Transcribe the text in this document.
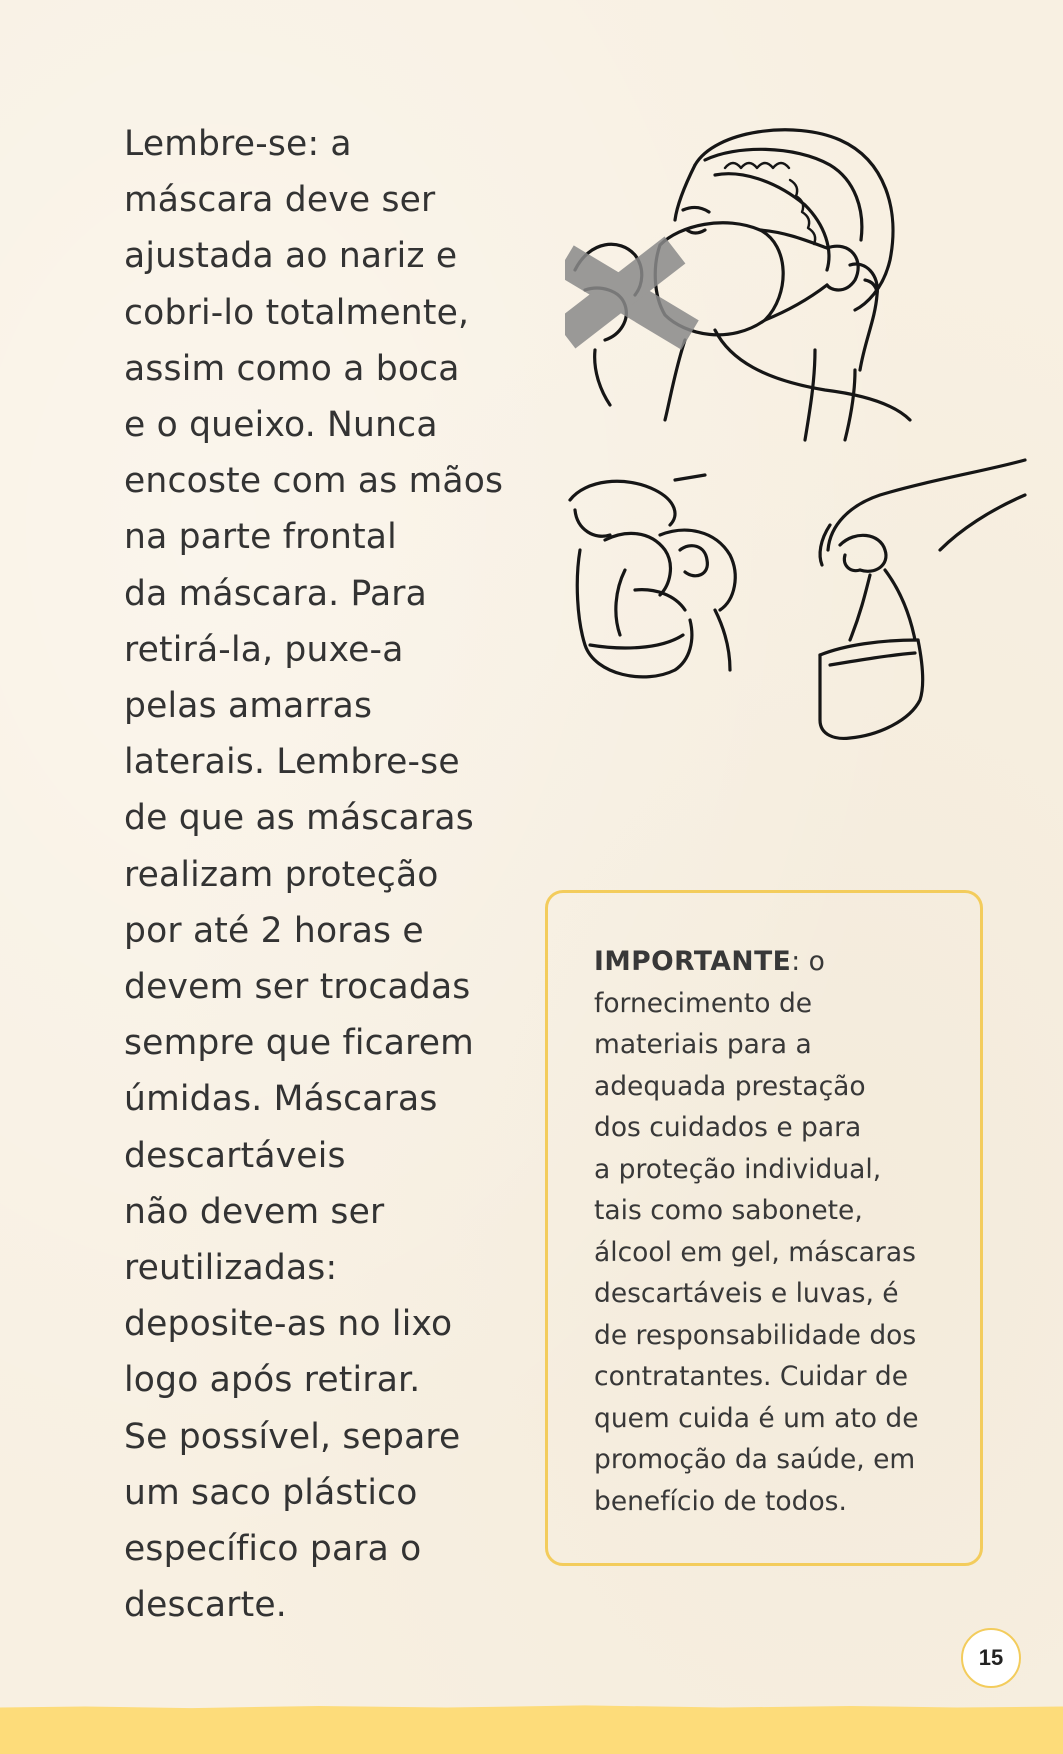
Lembre-se: a
máscara deve ser
ajustada ao nariz e
cobri-lo totalmente,
assim como a boca
e o queixo. Nunca
encoste com as mãos
na parte frontal
da máscara. Para
retirá-la, puxe-a
pelas amarras
laterais. Lembre-se
de que as máscaras
realizam proteção
por até 2 horas e
devem ser trocadas
sempre que ficarem
úmidas. Máscaras
descartáveis
não devem ser
reutilizadas:
deposite-as no lixo
logo após retirar.
Se possível, separe
um saco plástico
específico para o
descarte.

IMPORTANTE: o
fornecimento de
materiais para a
adequada prestação
dos cuidados e para
a proteção individual,
tais como sabonete,
álcool em gel, máscaras
descartáveis e luvas, é
de responsabilidade dos
contratantes. Cuidar de
quem cuida é um ato de
promoção da saúde, em
benefício de todos.

15
